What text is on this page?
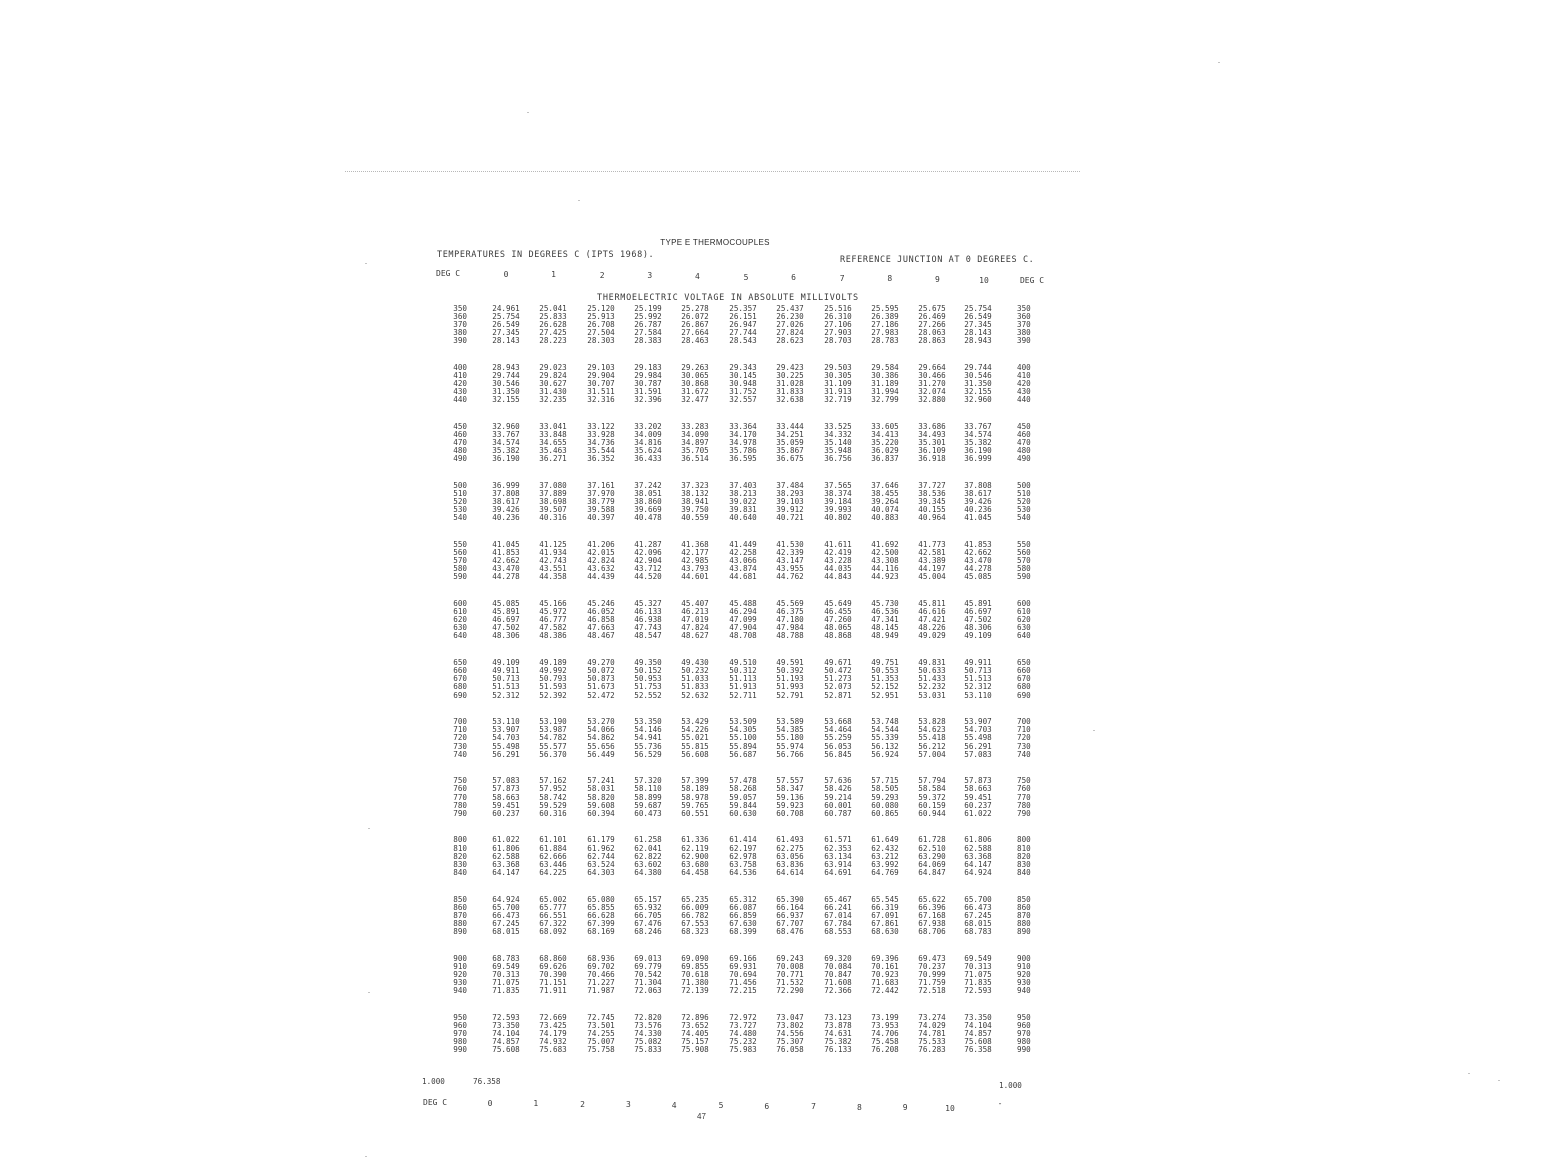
TYPE E THERMOCOUPLES
TEMPERATURES IN DEGREES C (IPTS 1968).	REFERENCE JUNCTION AT 0 DEGREES C.
DEG C	0	1	2	3	4	5	6	7	8	9	10	DEG C
THERMOELECTRIC VOLTAGE IN ABSOLUTE MILLIVOLTS
350	24.961	25.041	25.120	25.199	25.278	25.357	25.437	25.516	25.595	25.675	25.754	350
360	25.754	25.833	25.913	25.992	26.072	26.151	26.230	26.310	26.389	26.469	26.549	360
370	26.549	26.628	26.708	26.787	26.867	26.947	27.026	27.106	27.186	27.266	27.345	370
380	27.345	27.425	27.504	27.584	27.664	27.744	27.824	27.903	27.983	28.063	28.143	380
390	28.143	28.223	28.303	28.383	28.463	28.543	28.623	28.703	28.783	28.863	28.943	390
400	28.943	29.023	29.103	29.183	29.263	29.343	29.423	29.503	29.584	29.664	29.744	400
410	29.744	29.824	29.904	29.984	30.065	30.145	30.225	30.305	30.386	30.466	30.546	410
420	30.546	30.627	30.707	30.787	30.868	30.948	31.028	31.109	31.189	31.270	31.350	420
430	31.350	31.430	31.511	31.591	31.672	31.752	31.833	31.913	31.994	32.074	32.155	430
440	32.155	32.235	32.316	32.396	32.477	32.557	32.638	32.719	32.799	32.880	32.960	440
450	32.960	33.041	33.122	33.202	33.283	33.364	33.444	33.525	33.605	33.686	33.767	450
460	33.767	33.848	33.928	34.009	34.090	34.170	34.251	34.332	34.413	34.493	34.574	460
470	34.574	34.655	34.736	34.816	34.897	34.978	35.059	35.140	35.220	35.301	35.382	470
480	35.382	35.463	35.544	35.624	35.705	35.786	35.867	35.948	36.029	36.109	36.190	480
490	36.190	36.271	36.352	36.433	36.514	36.595	36.675	36.756	36.837	36.918	36.999	490
500	36.999	37.080	37.161	37.242	37.323	37.403	37.484	37.565	37.646	37.727	37.808	500
510	37.808	37.889	37.970	38.051	38.132	38.213	38.293	38.374	38.455	38.536	38.617	510
520	38.617	38.698	38.779	38.860	38.941	39.022	39.103	39.184	39.264	39.345	39.426	520
530	39.426	39.507	39.588	39.669	39.750	39.831	39.912	39.993	40.074	40.155	40.236	530
540	40.236	40.316	40.397	40.478	40.559	40.640	40.721	40.802	40.883	40.964	41.045	540
550	41.045	41.125	41.206	41.287	41.368	41.449	41.530	41.611	41.692	41.773	41.853	550
560	41.853	41.934	42.015	42.096	42.177	42.258	42.339	42.419	42.500	42.581	42.662	560
570	42.662	42.743	42.824	42.904	42.985	43.066	43.147	43.228	43.308	43.389	43.470	570
580	43.470	43.551	43.632	43.712	43.793	43.874	43.955	44.035	44.116	44.197	44.278	580
590	44.278	44.358	44.439	44.520	44.601	44.681	44.762	44.843	44.923	45.004	45.085	590
600	45.085	45.166	45.246	45.327	45.407	45.488	45.569	45.649	45.730	45.811	45.891	600
610	45.891	45.972	46.052	46.133	46.213	46.294	46.375	46.455	46.536	46.616	46.697	610
620	46.697	46.777	46.858	46.938	47.019	47.099	47.180	47.260	47.341	47.421	47.502	620
630	47.502	47.582	47.663	47.743	47.824	47.904	47.984	48.065	48.145	48.226	48.306	630
640	48.306	48.386	48.467	48.547	48.627	48.708	48.788	48.868	48.949	49.029	49.109	640
650	49.109	49.189	49.270	49.350	49.430	49.510	49.591	49.671	49.751	49.831	49.911	650
660	49.911	49.992	50.072	50.152	50.232	50.312	50.392	50.472	50.553	50.633	50.713	660
670	50.713	50.793	50.873	50.953	51.033	51.113	51.193	51.273	51.353	51.433	51.513	670
680	51.513	51.593	51.673	51.753	51.833	51.913	51.993	52.073	52.152	52.232	52.312	680
690	52.312	52.392	52.472	52.552	52.632	52.711	52.791	52.871	52.951	53.031	53.110	690
700	53.110	53.190	53.270	53.350	53.429	53.509	53.589	53.668	53.748	53.828	53.907	700
710	53.907	53.987	54.066	54.146	54.226	54.305	54.385	54.464	54.544	54.623	54.703	710
720	54.703	54.782	54.862	54.941	55.021	55.100	55.180	55.259	55.339	55.418	55.498	720
730	55.498	55.577	55.656	55.736	55.815	55.894	55.974	56.053	56.132	56.212	56.291	730
740	56.291	56.370	56.449	56.529	56.608	56.687	56.766	56.845	56.924	57.004	57.083	740
750	57.083	57.162	57.241	57.320	57.399	57.478	57.557	57.636	57.715	57.794	57.873	750
760	57.873	57.952	58.031	58.110	58.189	58.268	58.347	58.426	58.505	58.584	58.663	760
770	58.663	58.742	58.820	58.899	58.978	59.057	59.136	59.214	59.293	59.372	59.451	770
780	59.451	59.529	59.608	59.687	59.765	59.844	59.923	60.001	60.080	60.159	60.237	780
790	60.237	60.316	60.394	60.473	60.551	60.630	60.708	60.787	60.865	60.944	61.022	790
800	61.022	61.101	61.179	61.258	61.336	61.414	61.493	61.571	61.649	61.728	61.806	800
810	61.806	61.884	61.962	62.041	62.119	62.197	62.275	62.353	62.432	62.510	62.588	810
820	62.588	62.666	62.744	62.822	62.900	62.978	63.056	63.134	63.212	63.290	63.368	820
830	63.368	63.446	63.524	63.602	63.680	63.758	63.836	63.914	63.992	64.069	64.147	830
840	64.147	64.225	64.303	64.380	64.458	64.536	64.614	64.691	64.769	64.847	64.924	840
850	64.924	65.002	65.080	65.157	65.235	65.312	65.390	65.467	65.545	65.622	65.700	850
860	65.700	65.777	65.855	65.932	66.009	66.087	66.164	66.241	66.319	66.396	66.473	860
870	66.473	66.551	66.628	66.705	66.782	66.859	66.937	67.014	67.091	67.168	67.245	870
880	67.245	67.322	67.399	67.476	67.553	67.630	67.707	67.784	67.861	67.938	68.015	880
890	68.015	68.092	68.169	68.246	68.323	68.399	68.476	68.553	68.630	68.706	68.783	890
900	68.783	68.860	68.936	69.013	69.090	69.166	69.243	69.320	69.396	69.473	69.549	900
910	69.549	69.626	69.702	69.779	69.855	69.931	70.008	70.084	70.161	70.237	70.313	910
920	70.313	70.390	70.466	70.542	70.618	70.694	70.771	70.847	70.923	70.999	71.075	920
930	71.075	71.151	71.227	71.304	71.380	71.456	71.532	71.608	71.683	71.759	71.835	930
940	71.835	71.911	71.987	72.063	72.139	72.215	72.290	72.366	72.442	72.518	72.593	940
950	72.593	72.669	72.745	72.820	72.896	72.972	73.047	73.123	73.199	73.274	73.350	950
960	73.350	73.425	73.501	73.576	73.652	73.727	73.802	73.878	73.953	74.029	74.104	960
970	74.104	74.179	74.255	74.330	74.405	74.480	74.556	74.631	74.706	74.781	74.857	970
980	74.857	74.932	75.007	75.082	75.157	75.232	75.307	75.382	75.458	75.533	75.608	980
990	75.608	75.683	75.758	75.833	75.908	75.983	76.058	76.133	76.208	76.283	76.358	990
1.000	76.358	1.000
DEG C	0	1	2	3	4	5	6	7	8	9	10	-
47
